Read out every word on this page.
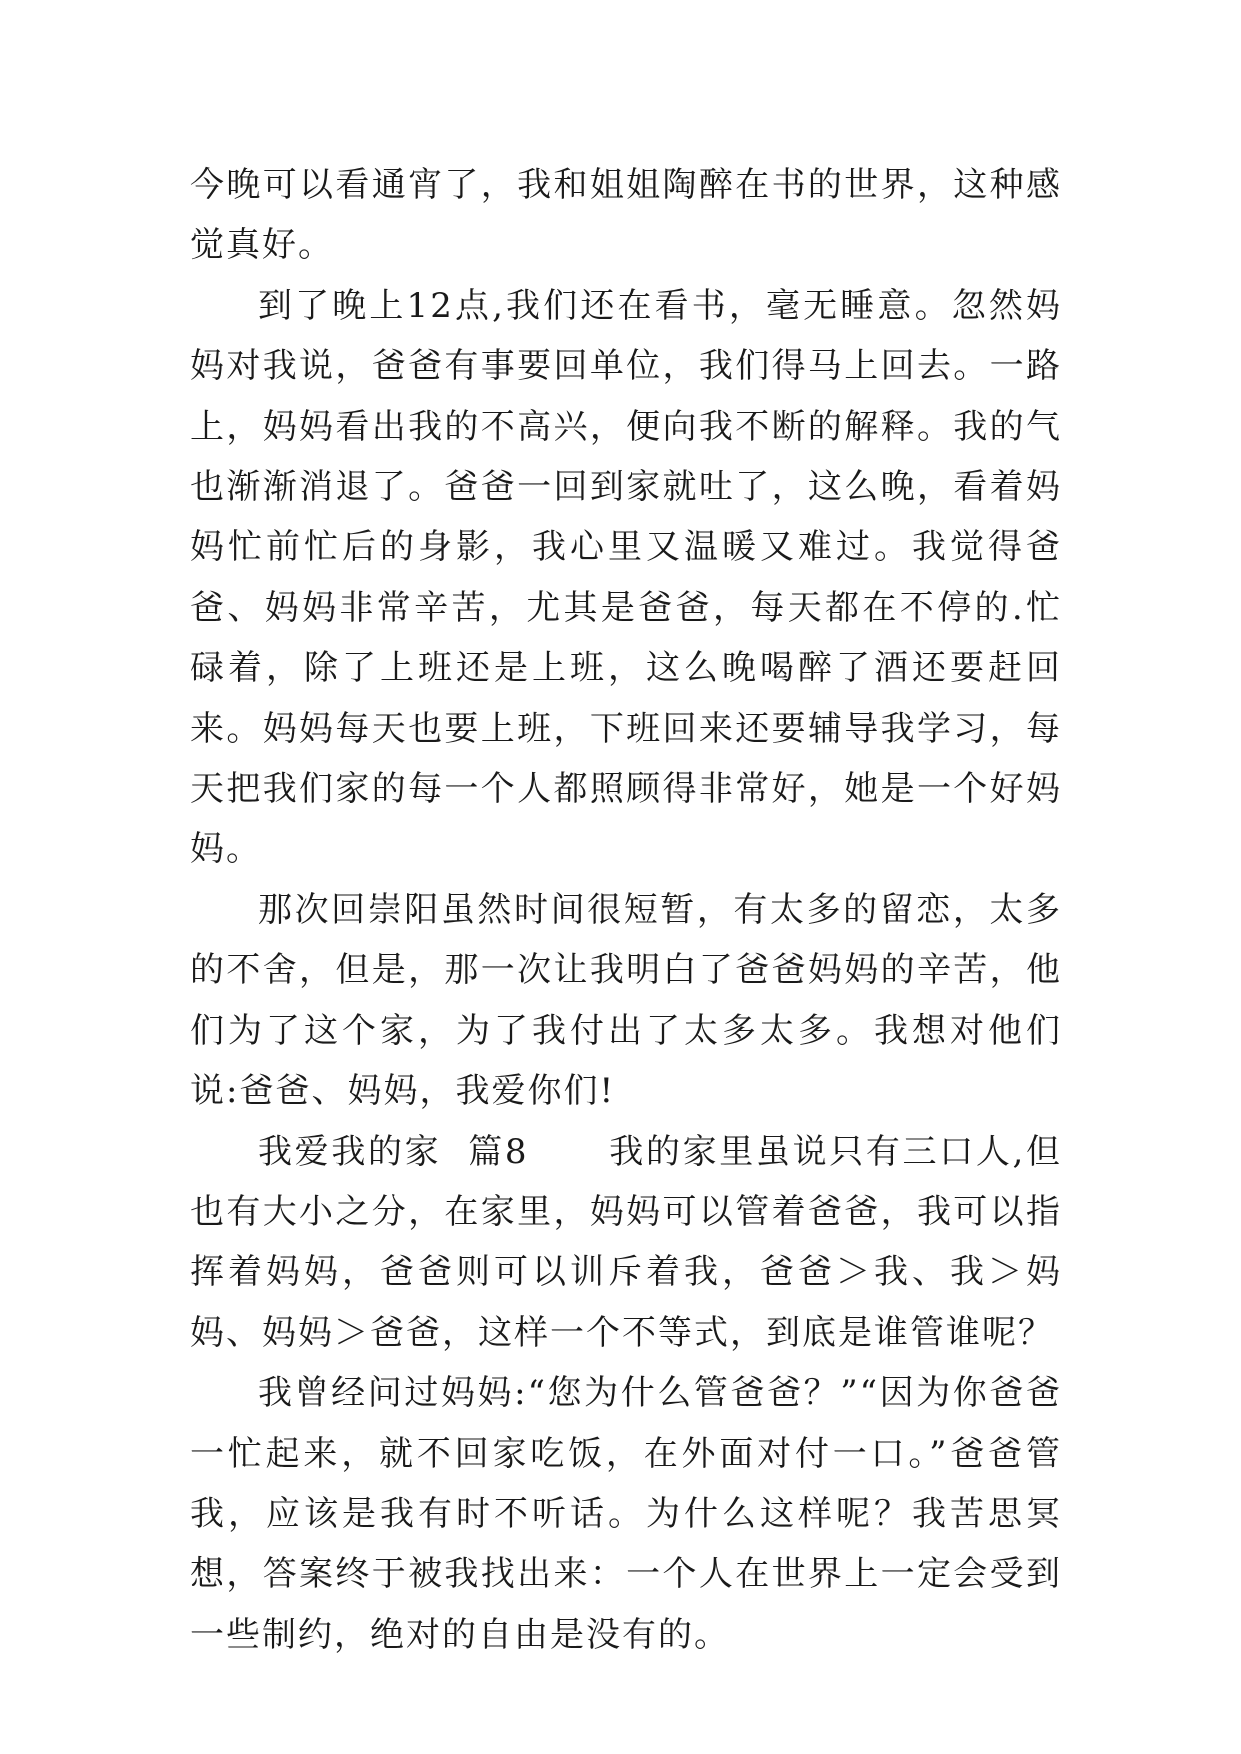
今晚可以看通宵了，我和姐姐陶醉在书的世界，这种感觉真好。

到了晚上12点,我们还在看书，毫无睡意。忽然妈妈对我说，爸爸有事要回单位，我们得马上回去。一路上，妈妈看出我的不高兴，便向我不断的解释。我的气也渐渐消退了。爸爸一回到家就吐了，这么晚，看着妈妈忙前忙后的身影，我心里又温暖又难过。我觉得爸爸、妈妈非常辛苦，尤其是爸爸，每天都在不停的.忙碌着，除了上班还是上班，这么晚喝醉了酒还要赶回来。妈妈每天也要上班，下班回来还要辅导我学习，每天把我们家的每一个人都照顾得非常好，她是一个好妈妈。

那次回崇阳虽然时间很短暂，有太多的留恋，太多的不舍，但是，那一次让我明白了爸爸妈妈的辛苦，他们为了这个家，为了我付出了太多太多。我想对他们说:爸爸、妈妈，我爱你们!

我爱我的家  篇8      我的家里虽说只有三口人,但也有大小之分，在家里，妈妈可以管着爸爸，我可以指挥着妈妈，爸爸则可以训斥着我，爸爸＞我、我＞妈妈、妈妈＞爸爸，这样一个不等式，到底是谁管谁呢？

我曾经问过妈妈:“您为什么管爸爸？”“因为你爸爸一忙起来，就不回家吃饭，在外面对付一口。”爸爸管我，应该是我有时不听话。为什么这样呢？我苦思冥想，答案终于被我找出来：一个人在世界上一定会受到一些制约，绝对的自由是没有的。
